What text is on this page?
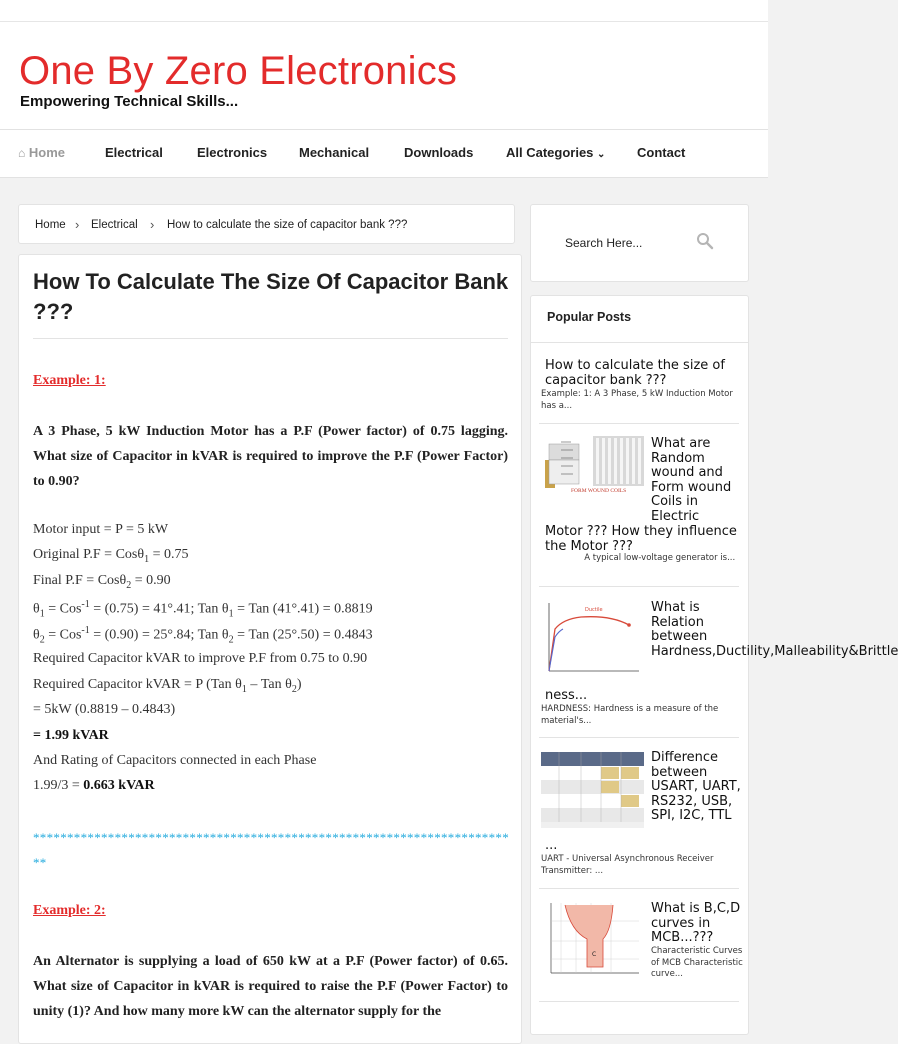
One By Zero Electronics
Empowering Technical Skills...
⌂ Home	Electrical	Electronics Mechanical	Downloads	All Categories ⌄ Contact
Home › Electrical › How to calculate the size of capacitor bank ???
How To Calculate The Size Of Capacitor Bank ???
Example: 1:
A 3 Phase, 5 kW Induction Motor has a P.F (Power factor) of 0.75 lagging. What size of Capacitor in kVAR is required to improve the P.F (Power Factor) to 0.90?
Motor input = P = 5 kW
Original P.F = Cosθ$_1$ = 0.75
Final P.F = Cosθ$_2$ = 0.90
$\theta_1 = Cos^{-1} = (0.75) = 41^\circ.41$; Tan $\theta_1$ = Tan (41°.41) = 0.8819
$\theta_2 = Cos^{-1} = (0.90) = 25^\circ.84$; Tan $\theta_2$ = Tan (25°.50) = 0.4843
Required Capacitor kVAR to improve P.F from 0.75 to 0.90
Required Capacitor kVAR = P (Tan $\theta_1$ – Tan $\theta_2$)
= 5kW (0.8819 – 0.4843)
= 1.99 kVAR
And Rating of Capacitors connected in each Phase
1.99/3 = 0.663 kVAR
************************************************************************
Example: 2:
An Alternator is supplying a load of 650 kW at a P.F (Power factor) of 0.65. What size of Capacitor in kVAR is required to raise the P.F (Power Factor) to unity (1)? And how many more kW can the alternator supply for the
Search Here...
Popular Posts
How to calculate the size of capacitor bank ???
Example: 1: A 3 Phase, 5 kW Induction Motor has a...
FORM WOUND COILS
What are Random wound and Form wound Coils in Electric
Motor ??? How they influence the Motor ???
A typical low-voltage generator is...
Ductile	What is Relation between Hardness,Ductility,Malleability&Brittle
ness...
HARDNESS: Hardness is a measure of the material's...
Difference between USART, UART, RS232, USB, SPI, I2C, TTL
...
UART - Universal Asynchronous Receiver Transmitter: ...
C
What is B,C,D curves in MCB...???
Characteristic Curves of MCB Characteristic curve...
